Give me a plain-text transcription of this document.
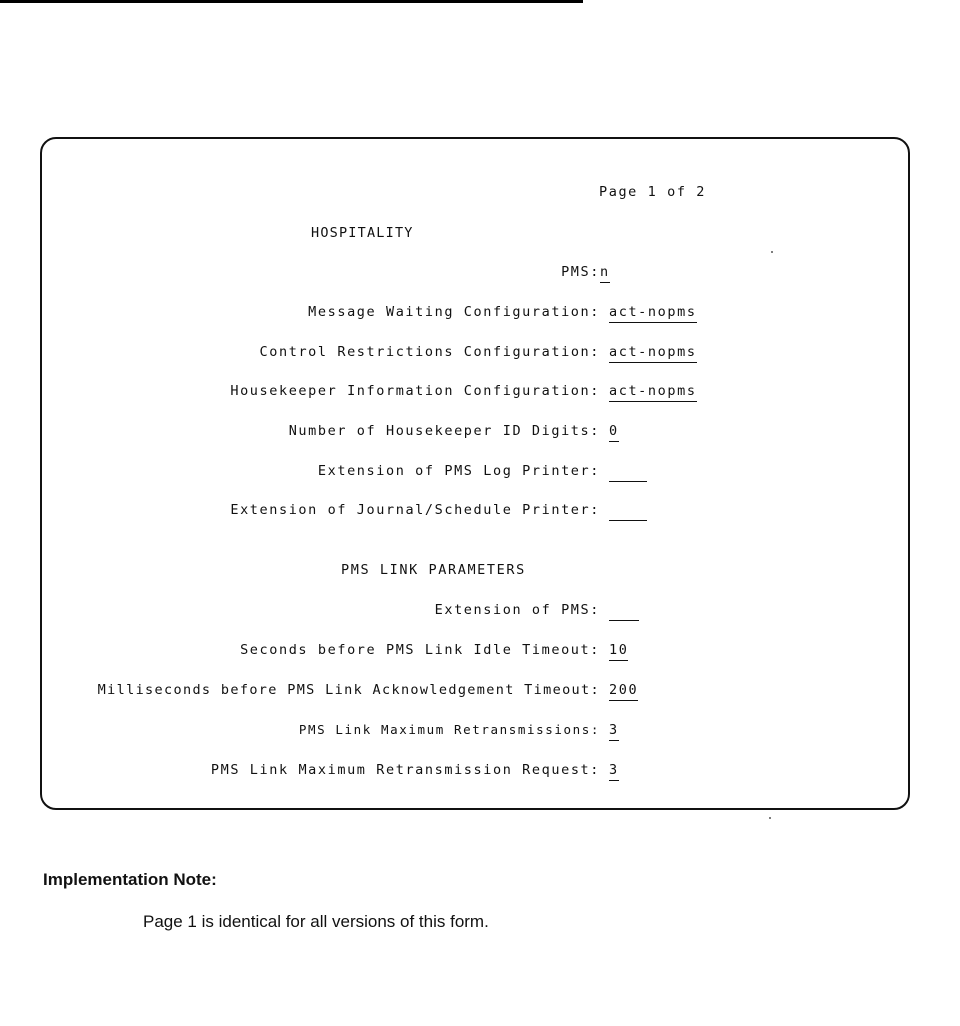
Page 1 of 2
HOSPITALITY
PMS: n
Message Waiting Configuration: act-nopms
Control Restrictions Configuration: act-nopms
Housekeeper Information Configuration: act-nopms
Number of Housekeeper ID Digits: 0
Extension of PMS Log Printer:
Extension of Journal/Schedule Printer:
PMS LINK PARAMETERS
Extension of PMS:
Seconds before PMS Link Idle Timeout: 10
Milliseconds before PMS Link Acknowledgement Timeout: 200
PMS Link Maximum Retransmissions: 3
PMS Link Maximum Retransmission Request: 3
Implementation Note:
Page 1 is identical for all versions of this form.
